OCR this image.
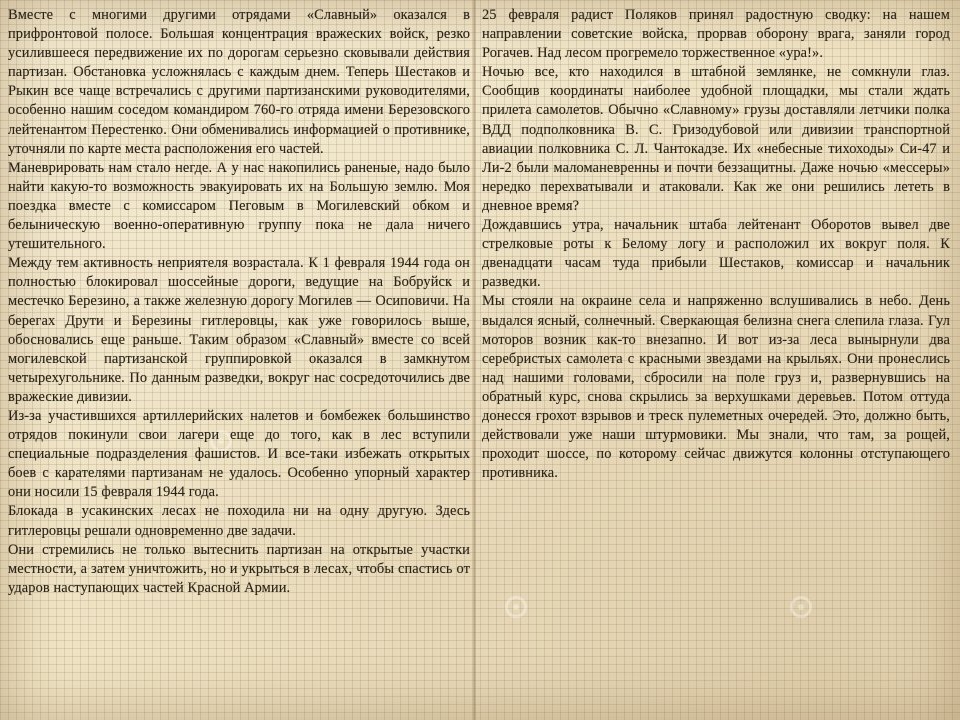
Вместе с многими другими отрядами «Славный» оказался в прифронтовой полосе. Большая концентрация вражеских войск, резко усилившееся передвижение их по дорогам серьезно сковывали действия партизан. Обстановка усложнялась с каждым днем. Теперь Шестаков и Рыкин все чаще встречались с другими партизанскими руководителями, особенно нашим соседом командиром 760-го отряда имени Березовского лейтенантом Перестенко. Они обменивались информацией о противнике, уточняли по карте места расположения его частей.

Маневрировать нам стало негде. А у нас накопились раненые, надо было найти какую-то возможность эвакуировать их на Большую землю. Моя поездка вместе с комиссаром Пеговым в Могилевский обком и белыническую военно-оперативную группу пока не дала ничего утешительного.

Между тем активность неприятеля возрастала. К 1 февраля 1944 года он полностью блокировал шоссейные дороги, ведущие на Бобруйск и местечко Березино, а также железную дорогу Могилев — Осиповичи. На берегах Друти и Березины гитлеровцы, как уже говорилось выше, обосновались еще раньше. Таким образом «Славный» вместе со всей могилевской партизанской группировкой оказался в замкнутом четырехугольнике. По данным разведки, вокруг нас сосредоточились две вражеские дивизии.

Из-за участившихся артиллерийских налетов и бомбежек большинство отрядов покинули свои лагери еще до того, как в лес вступили специальные подразделения фашистов. И все-таки избежать открытых боев с карателями партизанам не удалось. Особенно упорный характер они носили 15 февраля 1944 года.

Блокада в усакинских лесах не походила ни на одну другую. Здесь гитлеровцы решали одновременно две задачи.

Они стремились не только вытеснить партизан на открытые участки местности, а затем уничтожить, но и укрыться в лесах, чтобы спастись от ударов наступающих частей Красной Армии.

25 февраля радист Поляков принял радостную сводку: на нашем направлении советские войска, прорвав оборону врага, заняли город Рогачев. Над лесом прогремело торжественное «ура!».

Ночью все, кто находился в штабной землянке, не сомкнули глаз. Сообщив координаты наиболее удобной площадки, мы стали ждать прилета самолетов. Обычно «Славному» грузы доставляли летчики полка ВДД подполковника В. С. Гризодубовой или дивизии транспортной авиации полковника С. Л. Чантокадзе. Их «небесные тихоходы» Си-47 и Ли-2 были маломаневренны и почти беззащитны. Даже ночью «мессеры» нередко перехватывали и атаковали. Как же они решились лететь в дневное время?

Дождавшись утра, начальник штаба лейтенант Оборотов вывел две стрелковые роты к Белому логу и расположил их вокруг поля. К двенадцати часам туда прибыли Шестаков, комиссар и начальник разведки.

Мы стояли на окраине села и напряженно вслушивались в небо. День выдался ясный, солнечный. Сверкающая белизна снега слепила глаза. Гул моторов возник как-то внезапно. И вот из-за леса вынырнули два серебристых самолета с красными звездами на крыльях. Они пронеслись над нашими головами, сбросили на поле груз и, развернувшись на обратный курс, снова скрылись за верхушками деревьев. Потом оттуда донесся грохот взрывов и треск пулеметных очередей. Это, должно быть, действовали уже наши штурмовики. Мы знали, что там, за рощей, проходит шоссе, по которому сейчас движутся колонны отступающего противника.
